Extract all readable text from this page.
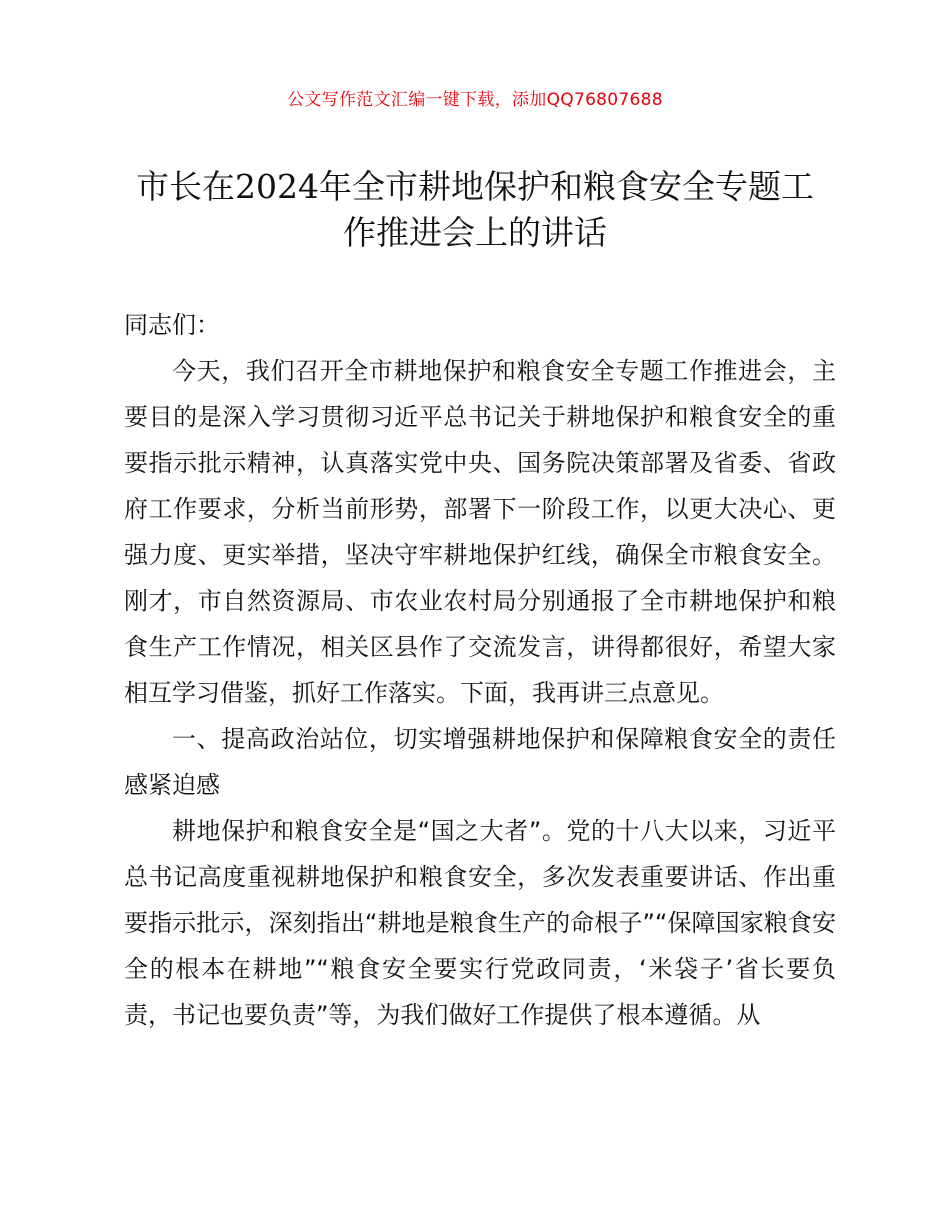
公文写作范文汇编一键下载，添加QQ76807688
市长在2024年全市耕地保护和粮食安全专题工作推进会上的讲话

同志们：

今天，我们召开全市耕地保护和粮食安全专题工作推进会，主要目的是深入学习贯彻习近平总书记关于耕地保护和粮食安全的重要指示批示精神，认真落实党中央、国务院决策部署及省委、省政府工作要求，分析当前形势，部署下一阶段工作，以更大决心、更强力度、更实举措，坚决守牢耕地保护红线，确保全市粮食安全。刚才，市自然资源局、市农业农村局分别通报了全市耕地保护和粮食生产工作情况，相关区县作了交流发言，讲得都很好，希望大家相互学习借鉴，抓好工作落实。下面，我再讲三点意见。

一、提高政治站位，切实增强耕地保护和保障粮食安全的责任感紧迫感

耕地保护和粮食安全是“国之大者”。党的十八大以来，习近平总书记高度重视耕地保护和粮食安全，多次发表重要讲话、作出重要指示批示，深刻指出“耕地是粮食生产的命根子”“保障国家粮食安全的根本在耕地”“粮食安全要实行党政同责，‘米袋子’省长要负责，书记也要负责”等，为我们做好工作提供了根本遵循。从
